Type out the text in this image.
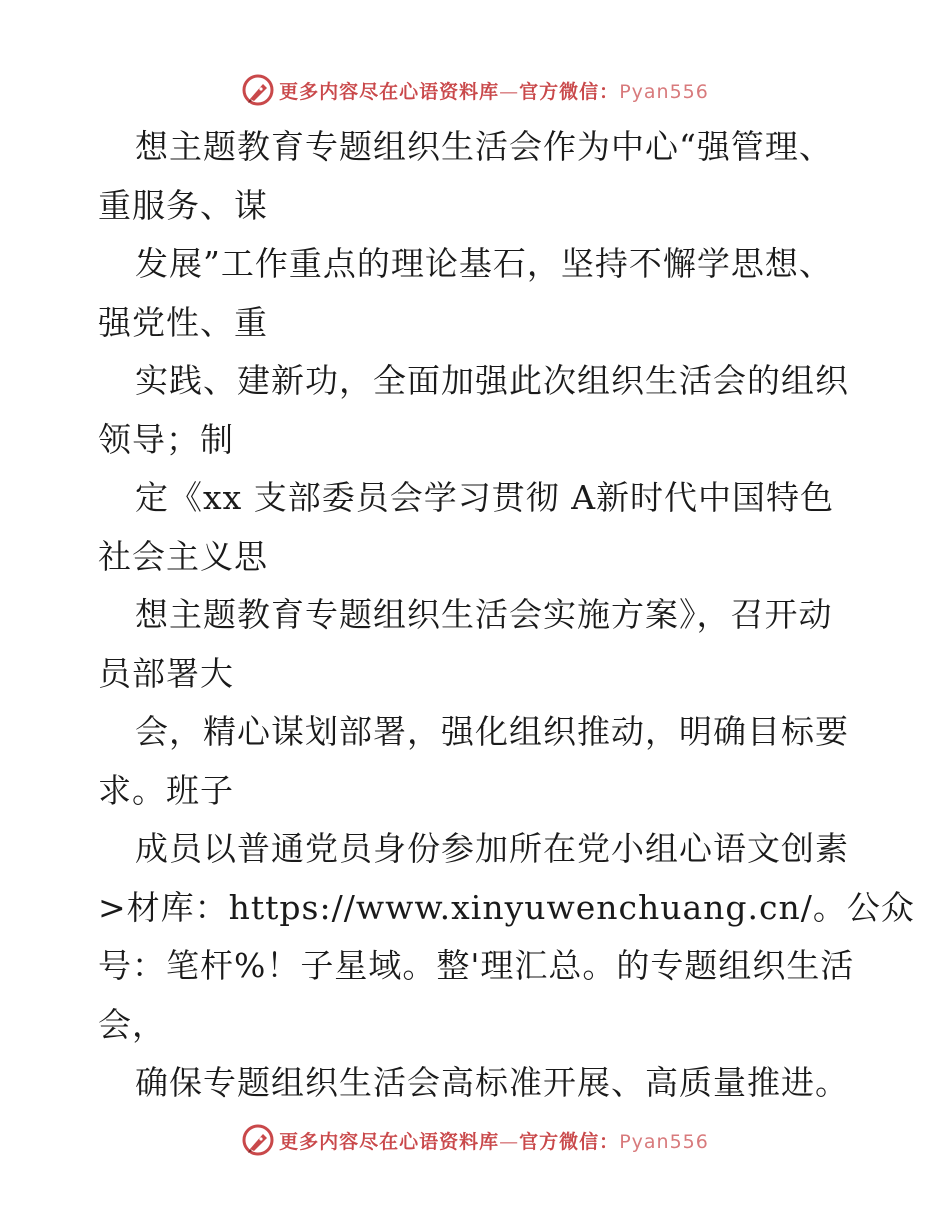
更多内容尽在心语资料库—官方微信：Pyan556
想主题教育专题组织生活会作为中心“强管理、
重服务、谋
发展”工作重点的理论基石，坚持不懈学思想、
强党性、重
实践、建新功，全面加强此次组织生活会的组织
领导；制
定《xx 支部委员会学习贯彻 A新时代中国特色
社会主义思
想主题教育专题组织生活会实施方案》，召开动
员部署大
会，精心谋划部署，强化组织推动，明确目标要
求。班子
成员以普通党员身份参加所在党小组心语文创素
>材库：https://www.xinyuwenchuang.cn/。公众
号：笔杆%！子星域。整'理汇总。的专题组织生活
会，
确保专题组织生活会高标准开展、高质量推进。
更多内容尽在心语资料库—官方微信：Pyan556
